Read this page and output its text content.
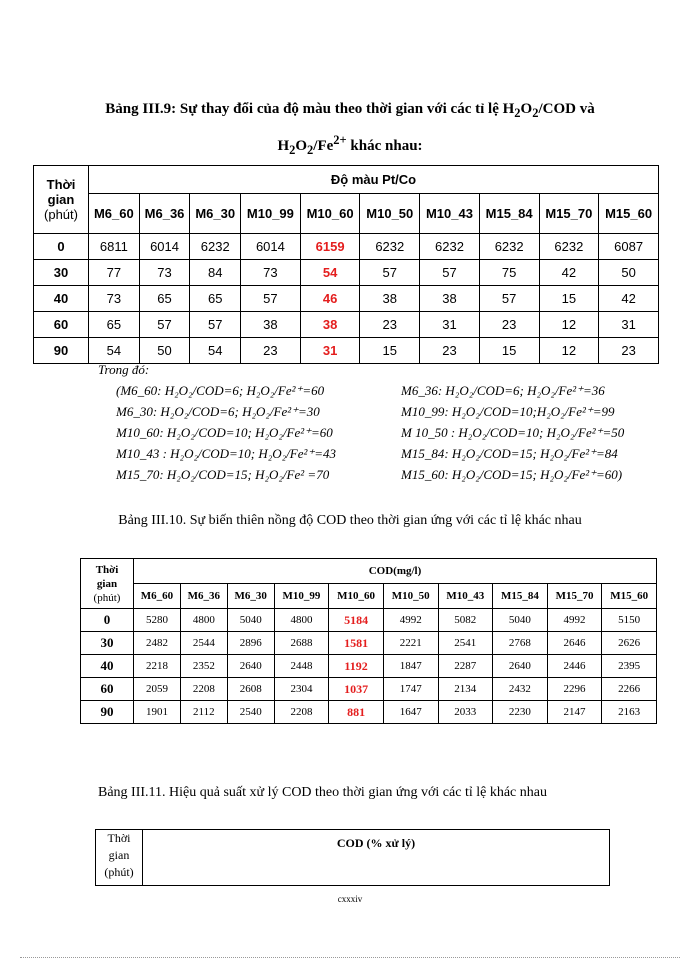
Bảng III.9: Sự thay đổi của độ màu theo thời gian với các tỉ lệ $H_2O_2$/COD và
$H_2O_2/Fe^{2+}$ khác nhau:
Thời
gian
(phút)	Độ màu Pt/Co									
	M6_60	M6_36	M6_30	M10_99	M10_60	M10_50	M10_43	M15_84	M15_70	M15_60
0	6811	6014	6232	6014	6159	6232	6232	6232	6232	6087
30	77	73	84	73	54	57	57	75	42	50
40	73	65	65	57	46	38	38	57	15	42
60	65	57	57	38	38	23	31	23	12	31
90	54	50	54	23	31	15	23	15	12	23
Trong đó:
(M6_60: H₂O₂/COD=6; H₂O₂/Fe²⁺=60	M6_36: H₂O₂/COD=6; H₂O₂/Fe²⁺=36
M6_30: H₂O₂/COD=6; H₂O₂/Fe²⁺=30	M10_99: H₂O₂/COD=10;H₂O₂/Fe²⁺=99
M10_60: H₂O₂/COD=10; H₂O₂/Fe²⁺=60	M 10_50 : H₂O₂/COD=10; H₂O₂/Fe²⁺=50
M10_43 : H₂O₂/COD=10; H₂O₂/Fe²⁺=43	M15_84: H₂O₂/COD=15; H₂O₂/Fe²⁺=84
M15_70: H₂O₂/COD=15; H₂O₂/Fe² =70	M15_60: H₂O₂/COD=15; H₂O₂/Fe²⁺=60)
Bảng III.10. Sự biến thiên nồng độ COD theo thời gian ứng với các tỉ lệ khác nhau
Thời
gian
(phút)	COD(mg/l)									
	M6_60	M6_36	M6_30	M10_99	M10_60	M10_50	M10_43	M15_84	M15_70	M15_60
0	5280	4800	5040	4800	5184	4992	5082	5040	4992	5150
30	2482	2544	2896	2688	1581	2221	2541	2768	2646	2626
40	2218	2352	2640	2448	1192	1847	2287	2640	2446	2395
60	2059	2208	2608	2304	1037	1747	2134	2432	2296	2266
90	1901	2112	2540	2208	881	1647	2033	2230	2147	2163
Bảng III.11. Hiệu quả suất xử lý COD theo thời gian ứng với các tỉ lệ khác nhau
Thời
gian
(phút)
	COD (% xử lý)
cxxxiv
